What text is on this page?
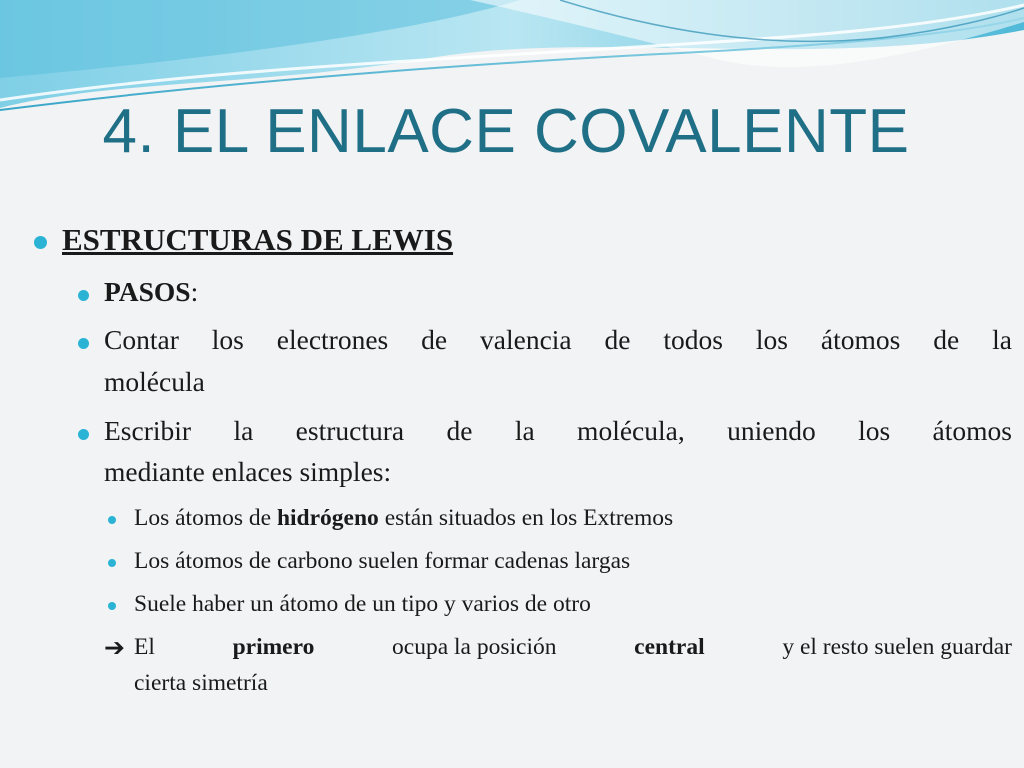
4. EL ENLACE COVALENTE
ESTRUCTURAS DE LEWIS
PASOS:
Contar los electrones de valencia de todos los átomos de la
molécula
Escribir la estructura de la molécula, uniendo los átomos
mediante enlaces simples:
Los átomos de hidrógeno están situados en los Extremos
Los átomos de carbono suelen formar cadenas largas
Suele haber un átomo de un tipo y varios de otro
➔ El	primero	ocupa la posición	central	y el resto suelen guardar
cierta simetría
